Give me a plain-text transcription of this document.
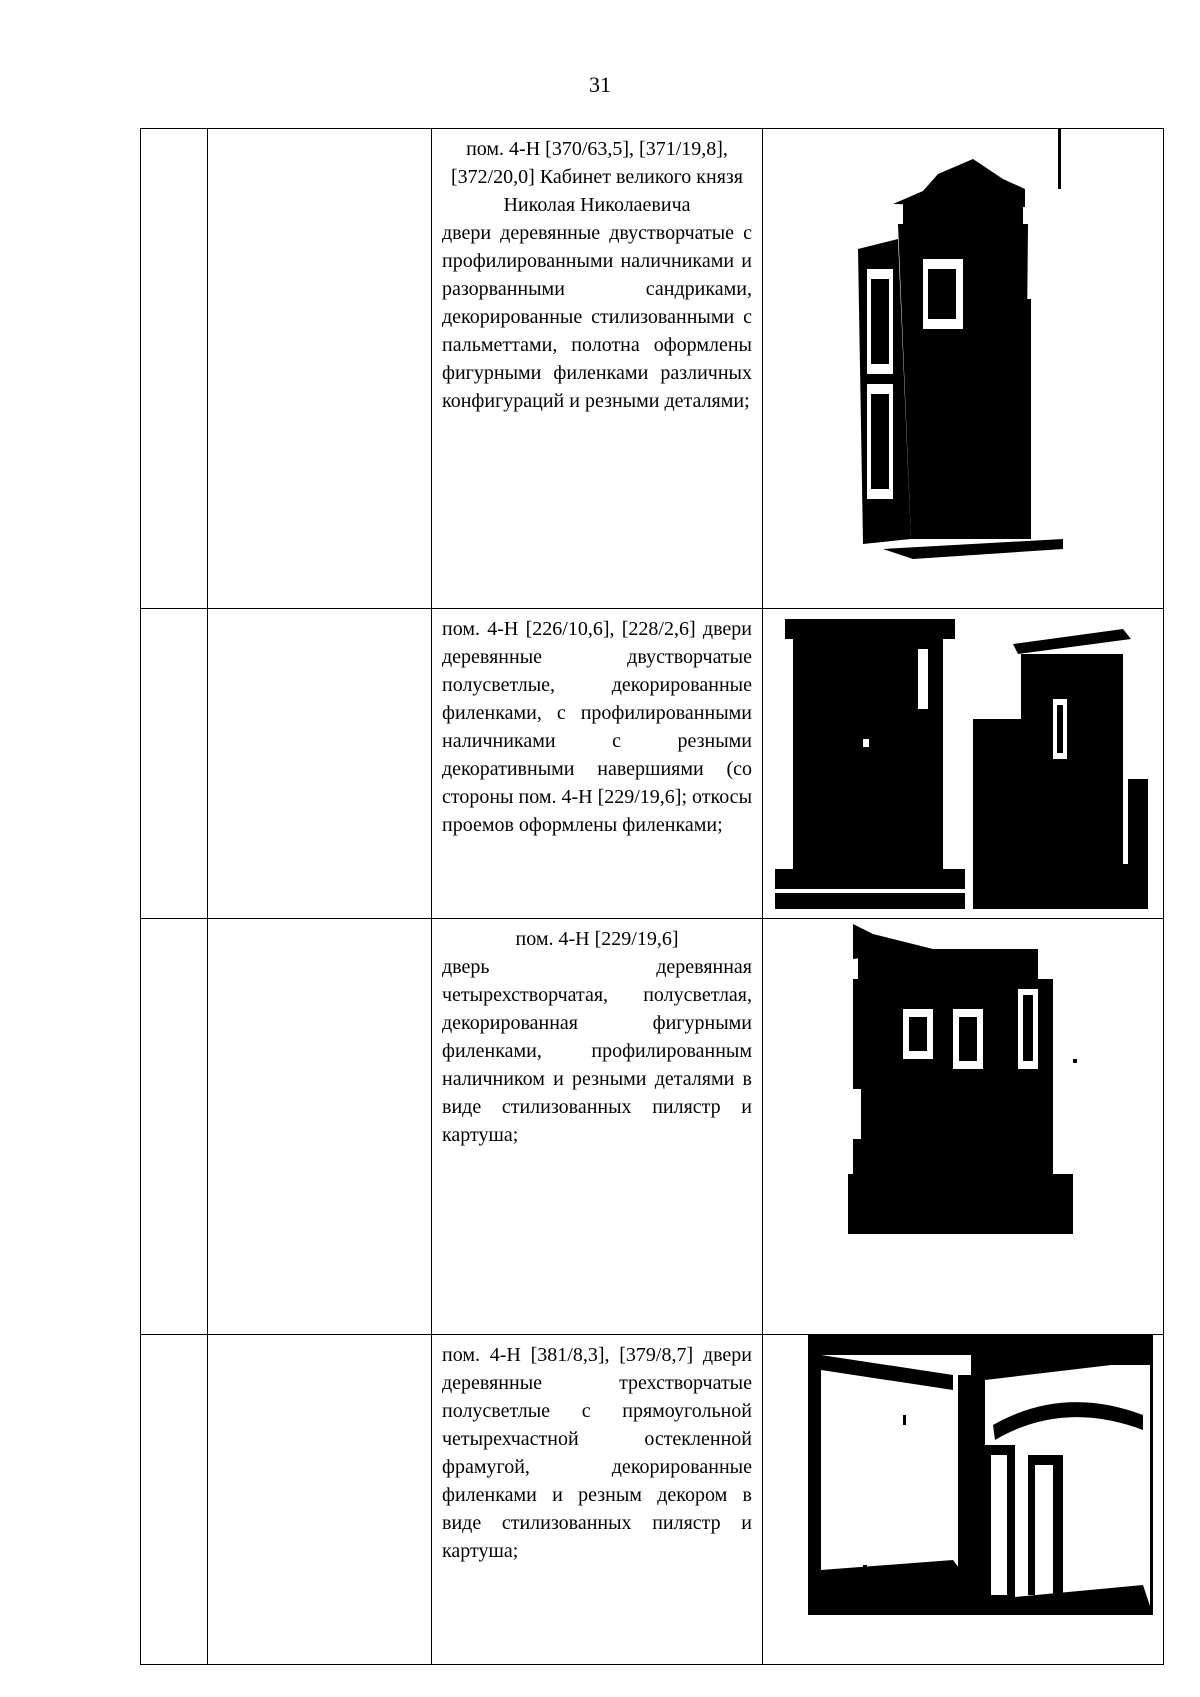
31

		пом. 4-Н [370/63,5], [371/19,8], [372/20,0] Кабинет великого князя Николая Николаевича
двери деревянные двустворчатые с профилированными наличниками и разорванными сандриками, декорированные стилизованными с пальметтами, полотна оформлены фигурными филенками различных конфигураций и резными деталями;

		пом. 4-Н [226/10,6], [228/2,6] двери деревянные двустворчатые полусветлые, декорированные филенками, с профилированными наличниками с резными декоративными навершиями (со стороны пом. 4-Н [229/19,6]; откосы проемов оформлены филенками;

		пом. 4-Н [229/19,6]
дверь деревянная четырехстворчатая, полусветлая, декорированная фигурными филенками, профилированным наличником и резными деталями в виде стилизованных пилястр и картуша;

		пом. 4-Н [381/8,3], [379/8,7] двери деревянные трехстворчатые полусветлые с прямоугольной четырехчастной остекленной фрамугой, декорированные филенками и резным декором в виде стилизованных пилястр и картуша;
